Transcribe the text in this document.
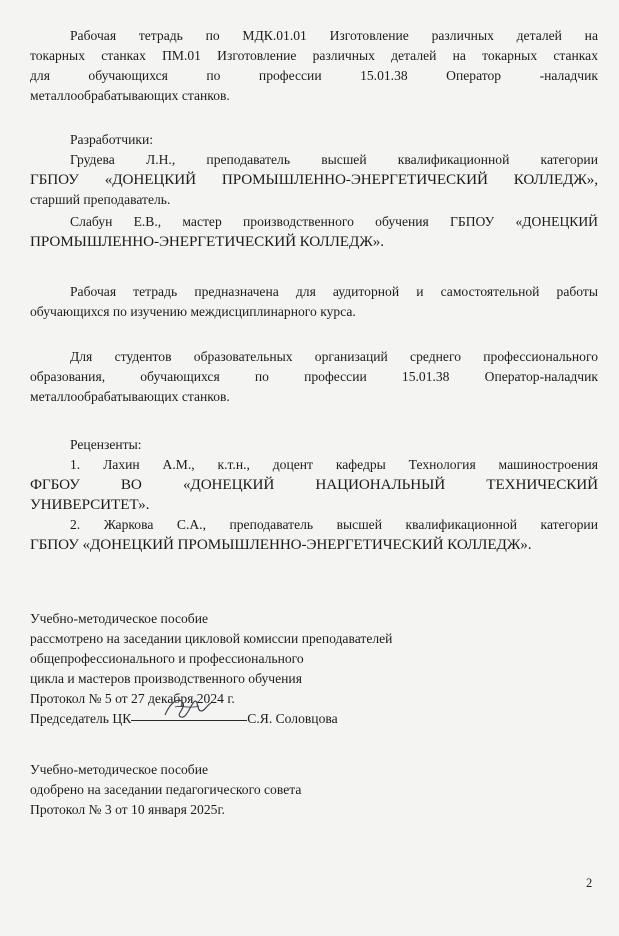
Рабочая тетрадь по МДК.01.01 Изготовление различных деталей на
токарных станках ПМ.01 Изготовление различных деталей на токарных станках
для обучающихся по профессии 15.01.38 Оператор -наладчик
металлообрабатывающих станков.
Разработчики:
Грудева Л.Н., преподаватель высшей квалификационной категории
ГБПОУ «ДОНЕЦКИЙ ПРОМЫШЛЕННО-ЭНЕРГЕТИЧЕСКИЙ КОЛЛЕДЖ»,
старший преподаватель.
Слабун Е.В., мастер производственного обучения ГБПОУ «ДОНЕЦКИЙ
ПРОМЫШЛЕННО-ЭНЕРГЕТИЧЕСКИЙ КОЛЛЕДЖ».
Рабочая тетрадь предназначена для аудиторной и самостоятельной работы
обучающихся по изучению междисциплинарного курса.
Для студентов образовательных организаций среднего профессионального
образования, обучающихся по профессии 15.01.38 Оператор-наладчик
металлообрабатывающих станков.
Рецензенты:
1. Лахин А.М., к.т.н., доцент кафедры Технология машиностроения
ФГБОУ ВО «ДОНЕЦКИЙ НАЦИОНАЛЬНЫЙ ТЕХНИЧЕСКИЙ
УНИВЕРСИТЕТ».
2. Жаркова С.А., преподаватель высшей квалификационной категории
ГБПОУ «ДОНЕЦКИЙ ПРОМЫШЛЕННО-ЭНЕРГЕТИЧЕСКИЙ КОЛЛЕДЖ».
Учебно-методическое пособие
рассмотрено на заседании цикловой комиссии преподавателей
общепрофессионального и профессионального
цикла и мастеров производственного обучения
Протокол № 5 от 27 декабря 2024 г.
Председатель ЦК	С.Я. Соловцова
Учебно-методическое пособие
одобрено на заседании педагогического совета
Протокол № 3 от 10 января 2025г.
2
